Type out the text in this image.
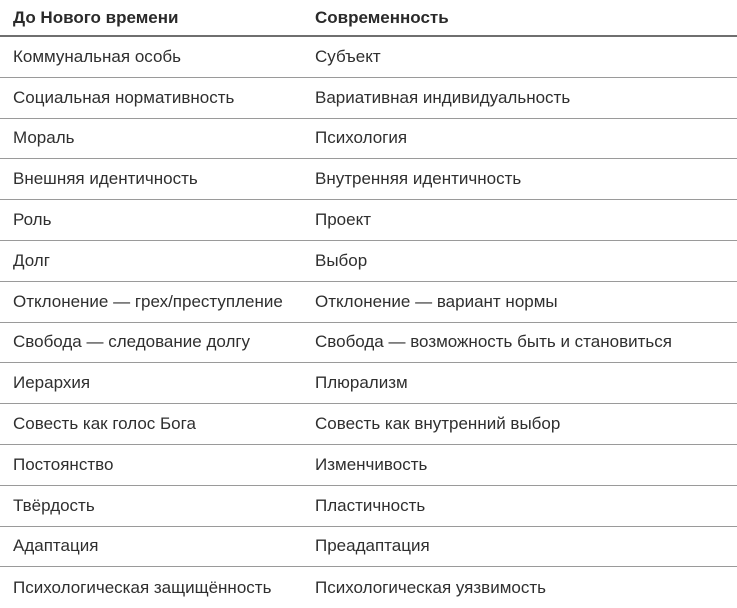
До Нового времени	Современность
Коммунальная особь	Субъект
Социальная нормативность	Вариативная индивидуальность
Мораль	Психология
Внешняя идентичность	Внутренняя идентичность
Роль	Проект
Долг	Выбор
Отклонение — грех/преступление	Отклонение — вариант нормы
Свобода — следование долгу	Свобода — возможность быть и становиться
Иерархия	Плюрализм
Совесть как голос Бога	Совесть как внутренний выбор
Постоянство	Изменчивость
Твёрдость	Пластичность
Адаптация	Преадаптация
Психологическая защищённость	Психологическая уязвимость
